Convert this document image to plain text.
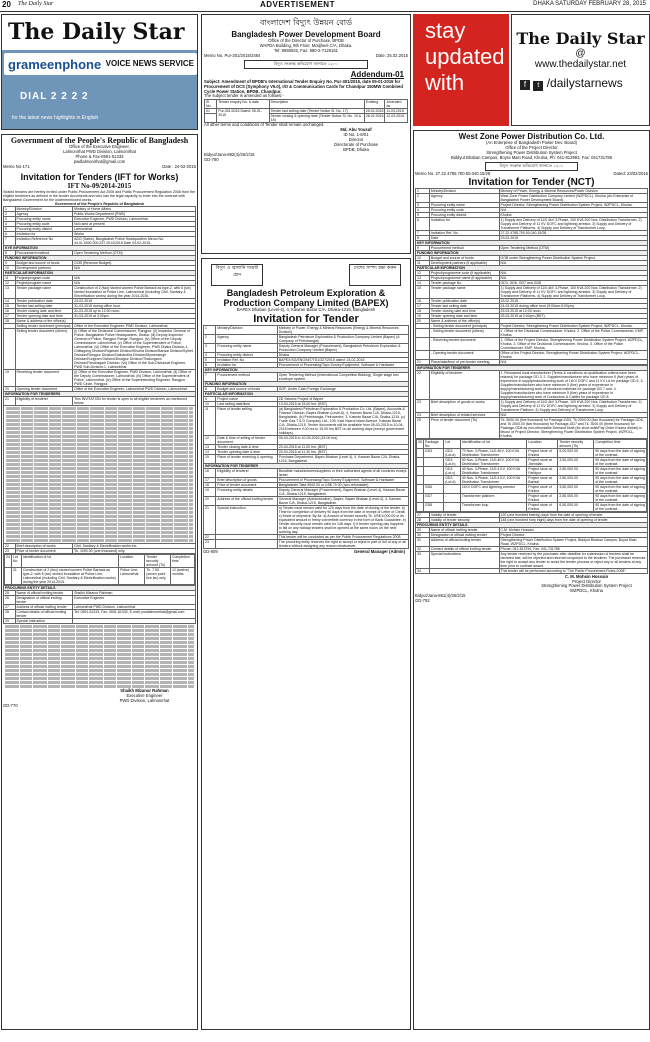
20 The Daily Star	ADVERTISEMENT	DHAKA SATURDAY FEBRUARY 28, 2015
The Daily Star
grameenphone VOICE NEWS SERVICE
DIAL 2 2 2 2
for the latest news highlights in English
বাংলাদেশ বিদ্যুৎ উন্নয়ন বোর্ড
Bangladesh Power Development Board
Office of the Director of Purchase, BPDB
WAPDA Building, 9th Floor, Motijheel C/A, Dhaka.
Tel: 9550532, Fax: 880-2-7126151
Memo No. Pur-301/2015/2484	Date: 25.02.2015
বিদ্যুৎ সংক্রান্ত অভিযোগ জানাতে ১২০০
Addendum-01
Subject: Amendment of BPDB's International Tender Enquiry No. Pur-301/2015, date 05-01-2015 for Procurement of DCS (Symphony V5.0), I/O & Communication Cards for Chandpur 150MW Combined Cycle Power Station, BPDB, Chandpur.
The subject tender is amended as follows:-
Sl No.	Tender enquiry No. & date	Description	Existing	Amended as
01	Pur-301/2015 Dated: 05-01-2015	Tender last selling date (Tender Notice Sl. No. 17)	25.02.2015	11.03.2015
		Tender closing & opening date (Tender Notice Sl. No. 19 & 18)	26.02.2015	12.03.2015
All other terms and conditions of Tender shall remain unchanged.
Md. Abu Yousuf
ID No. 1-8/01
Director
Directorate of Purchase
BPDB, Dhaka
Bidyut/Jana-882(4)/25/2/15
GD-780
stay
updated
with
The Daily Star
@
www.thedailystar.net
f t /dailystarnews
Government of the People's Republic of Bangladesh
Office of the Executive Engineer,
Lalmonirhat PWD Division, Lalmonirhat
Phone & Fax-0591-61333
pwdlalmonirhat@gmail.com
Memo No-171	Date : 24-02-2015
Invitation for Tenders (IFT for Works)
IFT No-09/2014-2015
Sealed tenders are hereby invited under Public Procurement Act 2006 and Public Procurement Regulation 2008 from the eligible tenderers as defined in the tender documents and who has the legal capacity to enter into the contract with Bangladesh Government for the undermentioned works.
Government of the People's Republic of Bangladesh
1	Ministry/Division	Ministry of Home Affairs
2	Agency	Public Works Department (PWD)
3	Procuring entity name	Executive Engineer, PWD Division, Lalmonirhat.
4	Procuring entity code	Not used at present
5	Procuring entity district	Lalmonirhat
6	Invitation for	Works
7	Invitation Reference No	ADG (Sales), Bangladesh Police Headquarters Memo No: 44.01.0000.000.237.2014/2018 Date 03-02-2015.
KYE INFORMATION
8	Procurement method	Open Tendering Method (OTM)
FUNDING INFORMATION
9	Budget and source of funds	GOB (Revenue Budget).
10	Development partners	N/A
PARTICULAR INFORMATION
11	Project/program code	N/A
12	Project/program name	N/A
13	Tender package name	Construction of 2 (two) storied women Police Barrack as type-2, with 6 (six) storied foundation at Police Line, Lalmonirhat (including Civil, Sanitary & Electrification works) during the year 2014-2015.
14	Tender publication date	24-02-2015
15	Tender last selling date	31-03-2015 during office hour.
16	Tender closing date and time	31-03-2015 up to 12.00 noon.
17	Tender opening date and time	31-03-2015 at 3.00pm.
18	Name & address of the office(s)	
	Selling tender document (principal)	Office of the Executive Engineer, PWD Division, Lalmonirhat.
	Selling tender document (others)	(i) Office of the Divisional Commissioner, Rangpur. (ii) Inspector General of Police, Bangladesh Police Headquarters, Dhaka. (iii) Deputy Inspector General of Police, Rangpur Range, Rangpur. (iv) Office of the Deputy Commissioner Lalmonirhat. (v) Office of the Superintendent of Police, Lalmonirhat. (vi) Office of the Executive Engineer, PWD Dhaka Division-1, Chittagong Division/Rajshahi Division/Khulna Division/Barisal Division/Sylhet Division/Rangpur Division/Gaibandha Division/Mymensingh Division/Kurigram Division/Dinajpur Division/Thakurgaon Division/Panchagarh Division. (vii) Office of the Sub-Divisional Engineer, PWD Sub-Division-1, Lalmonirhat.
19	Receiving tender document	(i) Office of the Executive Engineer, PWD Division, Lalmonirhat. (ii) Office of the Deputy Commissioner, Lalmonirhat. (iii) Office of the Superintendent of Police, Lalmonirhat. (iv) Office of the Superintending Engineer, Rangpur PWD Circle, Rangpur.
20	Opening tender document	Office of the Executive Engineer, Lalmonirhat PWD Division, Lalmonirhat.
INFORMATION FOR TENDERERS
21	Eligibility of tenderer	This INVITATION for tender is open to all eligible tenderers as mentioned below:

22	Brief description of works	Civil, Sanitary & Electrification works etc.
23	Price of tender document	Tk. 1000.00 (one thousand) only.

24	Lot No.	Identification of lot	Location	Tender security amount (Tk)	Completion time
	31	Construction of 2 (two) storied women Police Barrack as type-2, with 6 (six) storied foundation at Police Line, Lalmonirhat (including Civil, Sanitary & Electrification works) during the year 2014-2015.	Police Line, Lalmonirhat	Tk. 7.50 (seven point five lac) only	12 (twelve) months.

PROCURING ENTITY DETAILS
25	Name of official inviting tender	Shaikh Mizanur Rahman
26	Designation of official inviting tender	Executive Engineer
27	Address of official inviting tender	Lalmonirhat PWD Division, Lalmonirhat.
28	Contact details of official inviting tender	Tel: 0591-61333, Fax: 0591-61333, E-mail: pwdlalmonirhat@gmail.com
29	Special instruction	
Shaikh Mizanur Rahman
Executive Engineer
PWD Division, Lalmonirhat
GD-770
বিদ্যুৎ ও জ্বালানি সাশ্রয়ী হোন
দেশের সম্পদ রক্ষা করুন
Bangladesh Petroleum Exploration & Production Company Limited (BAPEX)
BAPEX Bhaban (Level-4), 4, Kawran Bazar C/A, Dhaka-1215, Bangladesh
Invitation for Tender
1	Ministry/Division	Ministry of Power, Energy & Mineral Resources (Energy & Mineral Resources Division)
2	Agency	Bangladesh Petroleum Exploration & Production Company Limited (Bapex) (A Company of Petrobangla)
3	Procuring entity name	Deputy General Manager (Procurement), Bangladesh Petroleum Exploration & Production Company Limited (Bapex)
4	Procuring entity district	Dhaka
5	Invitation Ref. No	BAPEX/SG/ENG/NIT/TD1/327/2015 dated: 24-02-2015
6	Invitation for	Procurement of Processing/Topo Survey Equipment, Software & Hardware
KEY INFORMATION		
7	Procurement method	Open Tendering Method (International Competitive Bidding), Single stage two envelope system
FUNDING INFORMATION		
8	Budget and source of funds	GDF, Under Cash Foreign Exchange
PARTICULAR INFORMATION		
9	Project name	2D Seismic Project of Bapex
10	Last selling date/time	10-04-2015 at 15.00 hrs. (BST)
11	Place of tender selling	(a) Bangladesh Petroleum Exploration & Production Co. Ltd. (Bapex), Accounts & Finance Division, Bapex Bhaban (Level-6), 4, Kawran Bazar C/A, Dhaka-1215, Bangladesh. (b) Petrobangla, Petrocentre, 3, Kawran Bazar C/A, Dhaka-1215. (c) Trade Gas T & D Company Ltd., 105, Kazi Nazrul Islam Avenue, Kawran Bazar C/A, Dhaka-1215. Tender documents will be available from 05-03-2015 to 10-04-2015 between 9.00 hrs to 15.00 hrs BST on all working days (except government holidays).
12	Date & time of selling of tender document	05-03-2015 to 10-04-2015 (15.00 hrs)
13	Tender closing date & time	20-04-2015 at 11.00 hrs. (BST)
14	Tender opening date & time	20-04-2015 at 11.30 hrs. (BST)
15	Place of tender receiving & opening	Purchase Department, Bapex Bhaban (Level 4), 4, Kawran Bazar C/A, Dhaka-1215, Bangladesh.
INFORMATION FOR TENDERER		
16	Eligibility of tenderer	Bonafide manufacturers/suppliers or their authorized agents of all countries except Israel.
17	Brief description of goods	Procurement of Processing/Topo Survey Equipment, Software & Hardware
18	Price of tender document	Bangladeshi Taka 5000.00 or US$ 70.00 (non-refundable)
19	Procuring entity details	Deputy General Manager (Procurement), Bapex Bhaban (Level-4), Kawran Bazar C/A, Dhaka-1215, Bangladesh.
20	Address of the official inviting tender	General Manager (Administration), Bapex, Bapex Bhaban (Level-4), 4, Kawran Bazar C/A, Dhaka-1215, Bangladesh.
21	Special instruction	a) Tender must remain valid for 120 days from the date of closing of the tender. b) Time for completion of delivery 90 days from the date of receipt of Letter of Credit. c) Mode of shipment: By Air. d) Amount of tender security Tk. US$ 6,000.00 or its equivalent amount in freely convertible currency in the form of Bank Guarantee. e) Tender security must remain valid for 148 days. f) If tender opening day happens to fall on any holiday tenders shall be opened at the same hours on the next working day.
22		This tender will be conducted as per the Public Procurement Regulations 2008.
23		The procuring entity reserves the right to accept or reject in part or full of any or all tenders without assigning any reason whatsoever.
GD-809	General Manager (Admin)
West Zone Power Distribution Co. Ltd.
(An Enterprise of Bangladesh Power Dev. Board)
Office of the Project Director
Strengthening Power Distribution System Project
Biddyut Bhaban Campus, Boyra Main Road, Khulna, Ph: 041-813993, Fax: 041731786
বিদ্যুৎ সংক্রান্ত অভিযোগ জানাতে ১২০০
Memo No. 27.22.4785.700.50.040.15/28	Dated: 23/02/2015
Invitation for Tender (NCT)
1	Ministry/Division	Ministry of Power, Energy & Mineral Resources/Power Division
2	Agency	West Zone Power Distribution Company Limited (WZPDCL), Khulna (An Enterprise of Bangladesh Power Development Board).
3	Procuring entity name	Project Director, Strengthening Power Distribution System Project, WZPDCL, Khulna.
4	Procuring entity code	N/A
5	Procuring entity district	Khulna
6	Invitation for	1) Supply and Delivery of 11/0.4kV 3-Phase, 100 KVA 200 Nos. Distribution Transformer. 2) Supply and Delivery of 11 KV DOFC and lightning arrestor. 3) Supply and Delivery of Transformer Platforms. 4) Supply and Delivery of Transformer Loop.
7	Invitation Ref. No	27.22.4785.700.50.040.15/28
8	Date	23.02.2015
KEY INFORMATION
9	Procurement method	Open Tendering Method (OTM)
FUNDING INFORMATION
10	Budget and source of funds	GOB under Strengthening Power Distribution System Project.
11	Development partners (if applicable)	N/A
PARTICULAR INFORMATION
12	Project/programme code (if applicable)	N/A
13	Project/programme name (if applicable)	N/A
14	Tender package No	GD3, GD6, GD7 and GD8
15	Tender package name	1) Supply and Delivery of 11/0.4kV 3-Phase, 100 KVA 200 Nos. Distribution Transformer. 2) Supply and Delivery of 11 KV DOFC and lightning arrestor. 3) Supply and Delivery of Transformer Platforms. 4) Supply and Delivery of Transformer Loop.
16	Tender publication date	23.02.2015
17	Tender last selling date	24.03.2015 during office hour (9:00am-5:00pm).
18	Tender closing date and time	25.03.2015 at 12:00 noon.
19	Tender opening date and time	25.03.2015 at 2:00pm (BST).
20	Name & address of the office(s)	
	- Selling tender document (principal)	Project Director, Strengthening Power Distribution System Project, WZPDCL, Khulna.
	- Selling tender document (others)	1. Office of the Divisional Commissioner, Khulna. 2. Office of the Police Commissioner, KMP, Khulna.
	- Receiving tender document	1. Office of the Project Director, Strengthening Power Distribution System Project, WZPDCL, Khulna. 2. Office of the Divisional Commissioner, Khulna. 3. Office of the Police Commissioner, KMP, Khulna.
	- Opening tender document	Office of the Project Director, Strengthening Power Distribution System Project, WZPDCL, Khulna.
21	Place/date/time of pre-tender meeting	N/A

INFORMATION FOR TENDERER
22	Eligibility of tenderer	1. Renowned local manufacturer (Terms & conditions on qualification criteria have been relaxed) for package GD 3. 2. Supplier/manufacturer who have minimum 5 (five) years of experience in supply/manufacturing work of 11KV DOFC and 11 KV LA for package GD 6. 3. Supplier/manufacturer who have minimum 5 (five) years of experience in supply/manufacturing work of structural materials for package GD 7 and. 4. Supplier/manufacturer who have minimum 5 (five) years of experience in supply/manufacturing work of Conductors & Cables for package GD 8.
23	Brief description of goods or works	1) Supply and Delivery of 11/0.4kV 3-Phase, 100 KVA 200 Nos. Distribution Transformer. 2) Supply and Delivery of 11 KV DOFC and lightning arrestor. 3) Supply and Delivery of Transformer Platform. 4) Supply and Delivery of Transformer Loop.
24	Brief description of related services	N/A
25	Price of tender document (Tk)	Tk. 5000.00 (five thousand) for Package-GD3, Tk 2000.00 (two thousand) for Package-GD6, and Tk 2000.00 (two thousand) for Package-GD7 and Tk. 3000.00 (three thousand) for Package-GD8 as non-refundable Demand Draft (for short draft/Pay Order Khulna district) in favour of Project Director, Strengthening Power Distribution System Project, WZPDCL, Khulna.

26	Package No.	Lot	Identification of lot	Location	Tender security amount (Tk)	Completion time
	GD3	GD3 (Lot-a)	70 Nos. 3-Phase, 11/0.4KV, 100 KVA Distribution Transformer	Project store of Khulna	5,00,000.00	90 days from the date of signing of the contract.
		GD3 (Lot-b)	50 Nos. 3-Phase, 11/0.4KV, 100 KVA Distribution Transformer	Project store at Jhenidah	3,50,000.00	90 days from the date of signing of the contract.
		GD3 (Lot-c)	40 Nos. 3-Phase, 11/0.4 KV, 100 KVA Distribution Transformer	Project store at Faridpur	2,80,000.00	90 days from the date of signing of the contract.
		GD3 (Lot-d)	40 Nos. 3-Phase, 11/0.4 KV, 100 KVA Distribution Transformer	Project store at Barisal	2,80,000.00	90 days from the date of signing of the contract.
	GD6	-	11KV DOFC and lightning arrestor	Project store of Khulna	3,60,000.00	90 days from the date of signing of the contract.
	GD7	-	Transformer platform	Project store of Khulna	2,80,000.00	90 days from the date of signing of the contract.
	GD8	-	Transformer loop	Project store of Khulna	6,50,000.00	90 days from the date of signing of the contract.

27	Validity of tender	120 (one hundred twenty) days from the date of opening of tender.
28	Validity of tender security	148 (one hundred forty eight) days from the date of opening of tender.
PROCURING ENTITY DETAILS
29	Name of official inviting tender	C.M. Mohsin Hossain
30	Designation of official inviting tender	Project Director
31	Address of official inviting tender	Strengthening Power Distribution System Project, Biddyut Bhaban Campus, Boyra Main Road, WZPDCL, Khulna.
32	Contact details of official inviting tender	Phone: 041-813794, Fax: 041-731786
33	Special instructions	Any tender received by the purchaser after deadline for submission of tenders shall be declared late, will be rejected and returned unopened to the tenderer. The purchaser reserves the right to accept any tender to annul the tender process or reject any or all tenders at any time prior to contract award.
34		This tender will be performed according to "The Public Procurement Rules-2008".
C. M. Mohsin Hossain
Project Director
Strengthening Power Distribution System Project
WZPDCL, Khulna
Bidyut/Jana-861(4)/25/2/15
GD-792
